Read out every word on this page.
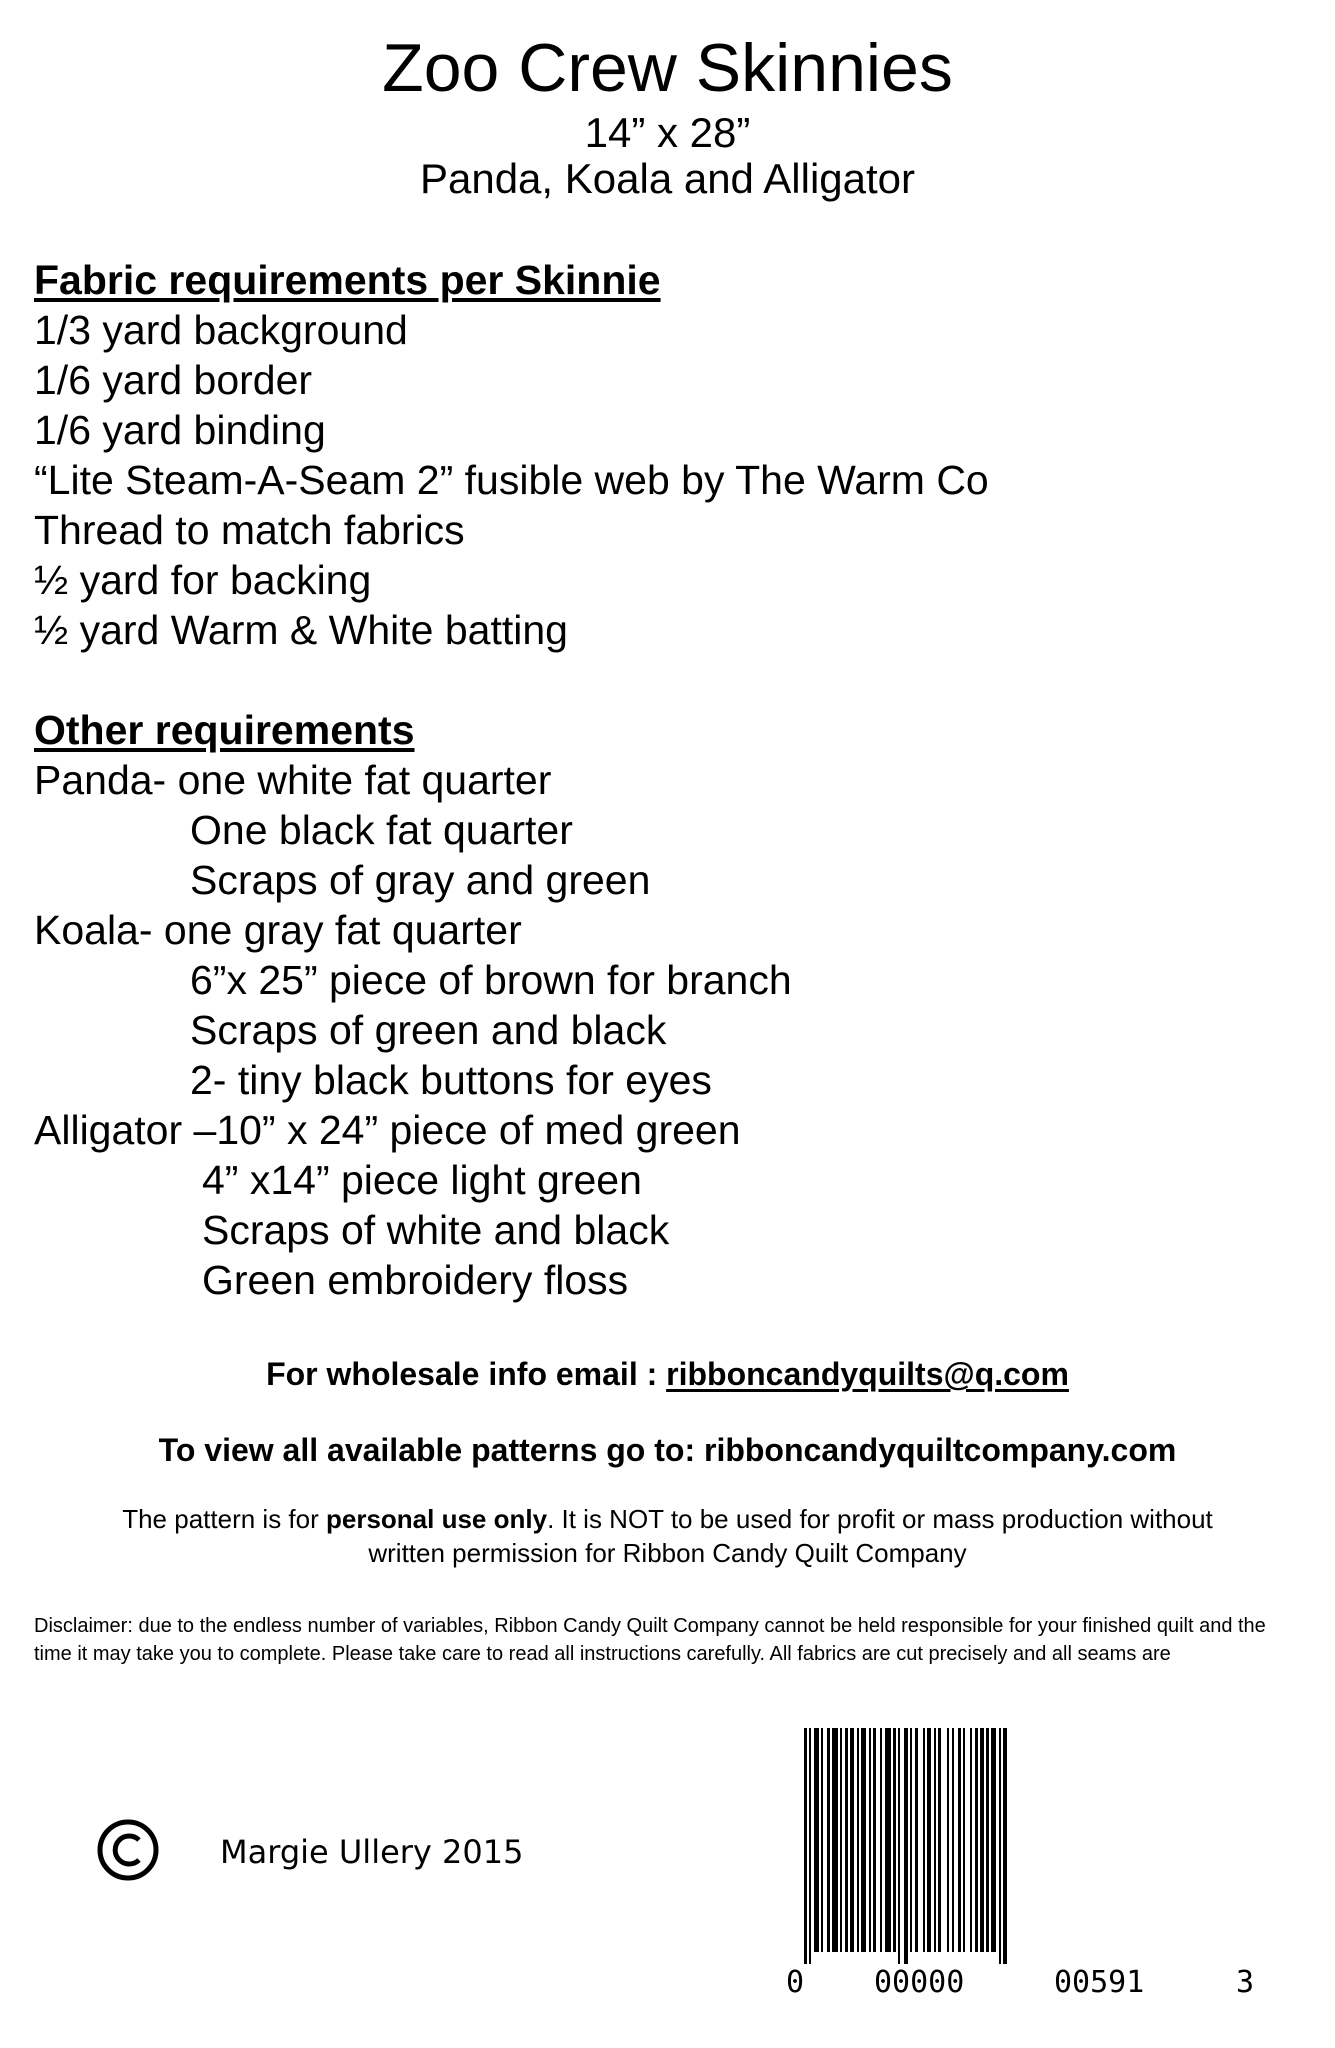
Zoo Crew Skinnies
14” x 28”
Panda, Koala and Alligator
Fabric requirements per Skinnie
1/3 yard background
1/6 yard border
1/6 yard binding
“Lite Steam-A-Seam 2” fusible web by The Warm Co
Thread to match fabrics
½ yard for backing
½ yard Warm & White batting
Other requirements
Panda- one white fat quarter
One black fat quarter
Scraps of gray and green
Koala- one gray fat quarter
6”x 25” piece of brown for branch
Scraps of green and black
2- tiny black buttons for eyes
Alligator –10” x 24” piece of med green
4” x14” piece light green
Scraps of white and black
Green embroidery floss
For wholesale info email : ribboncandyquilts@q.com
To view all available patterns go to: ribboncandyquiltcompany.com
The pattern is for personal use only. It is NOT to be used for profit or mass production without
written permission for Ribbon Candy Quilt Company
Disclaimer: due to the endless number of variables, Ribbon Candy Quilt Company cannot be held responsible for your finished quilt and the time it may take you to complete. Please take care to read all instructions carefully. All fabrics are cut precisely and all seams are
Margie Ullery 2015
0 00000	00591	3
